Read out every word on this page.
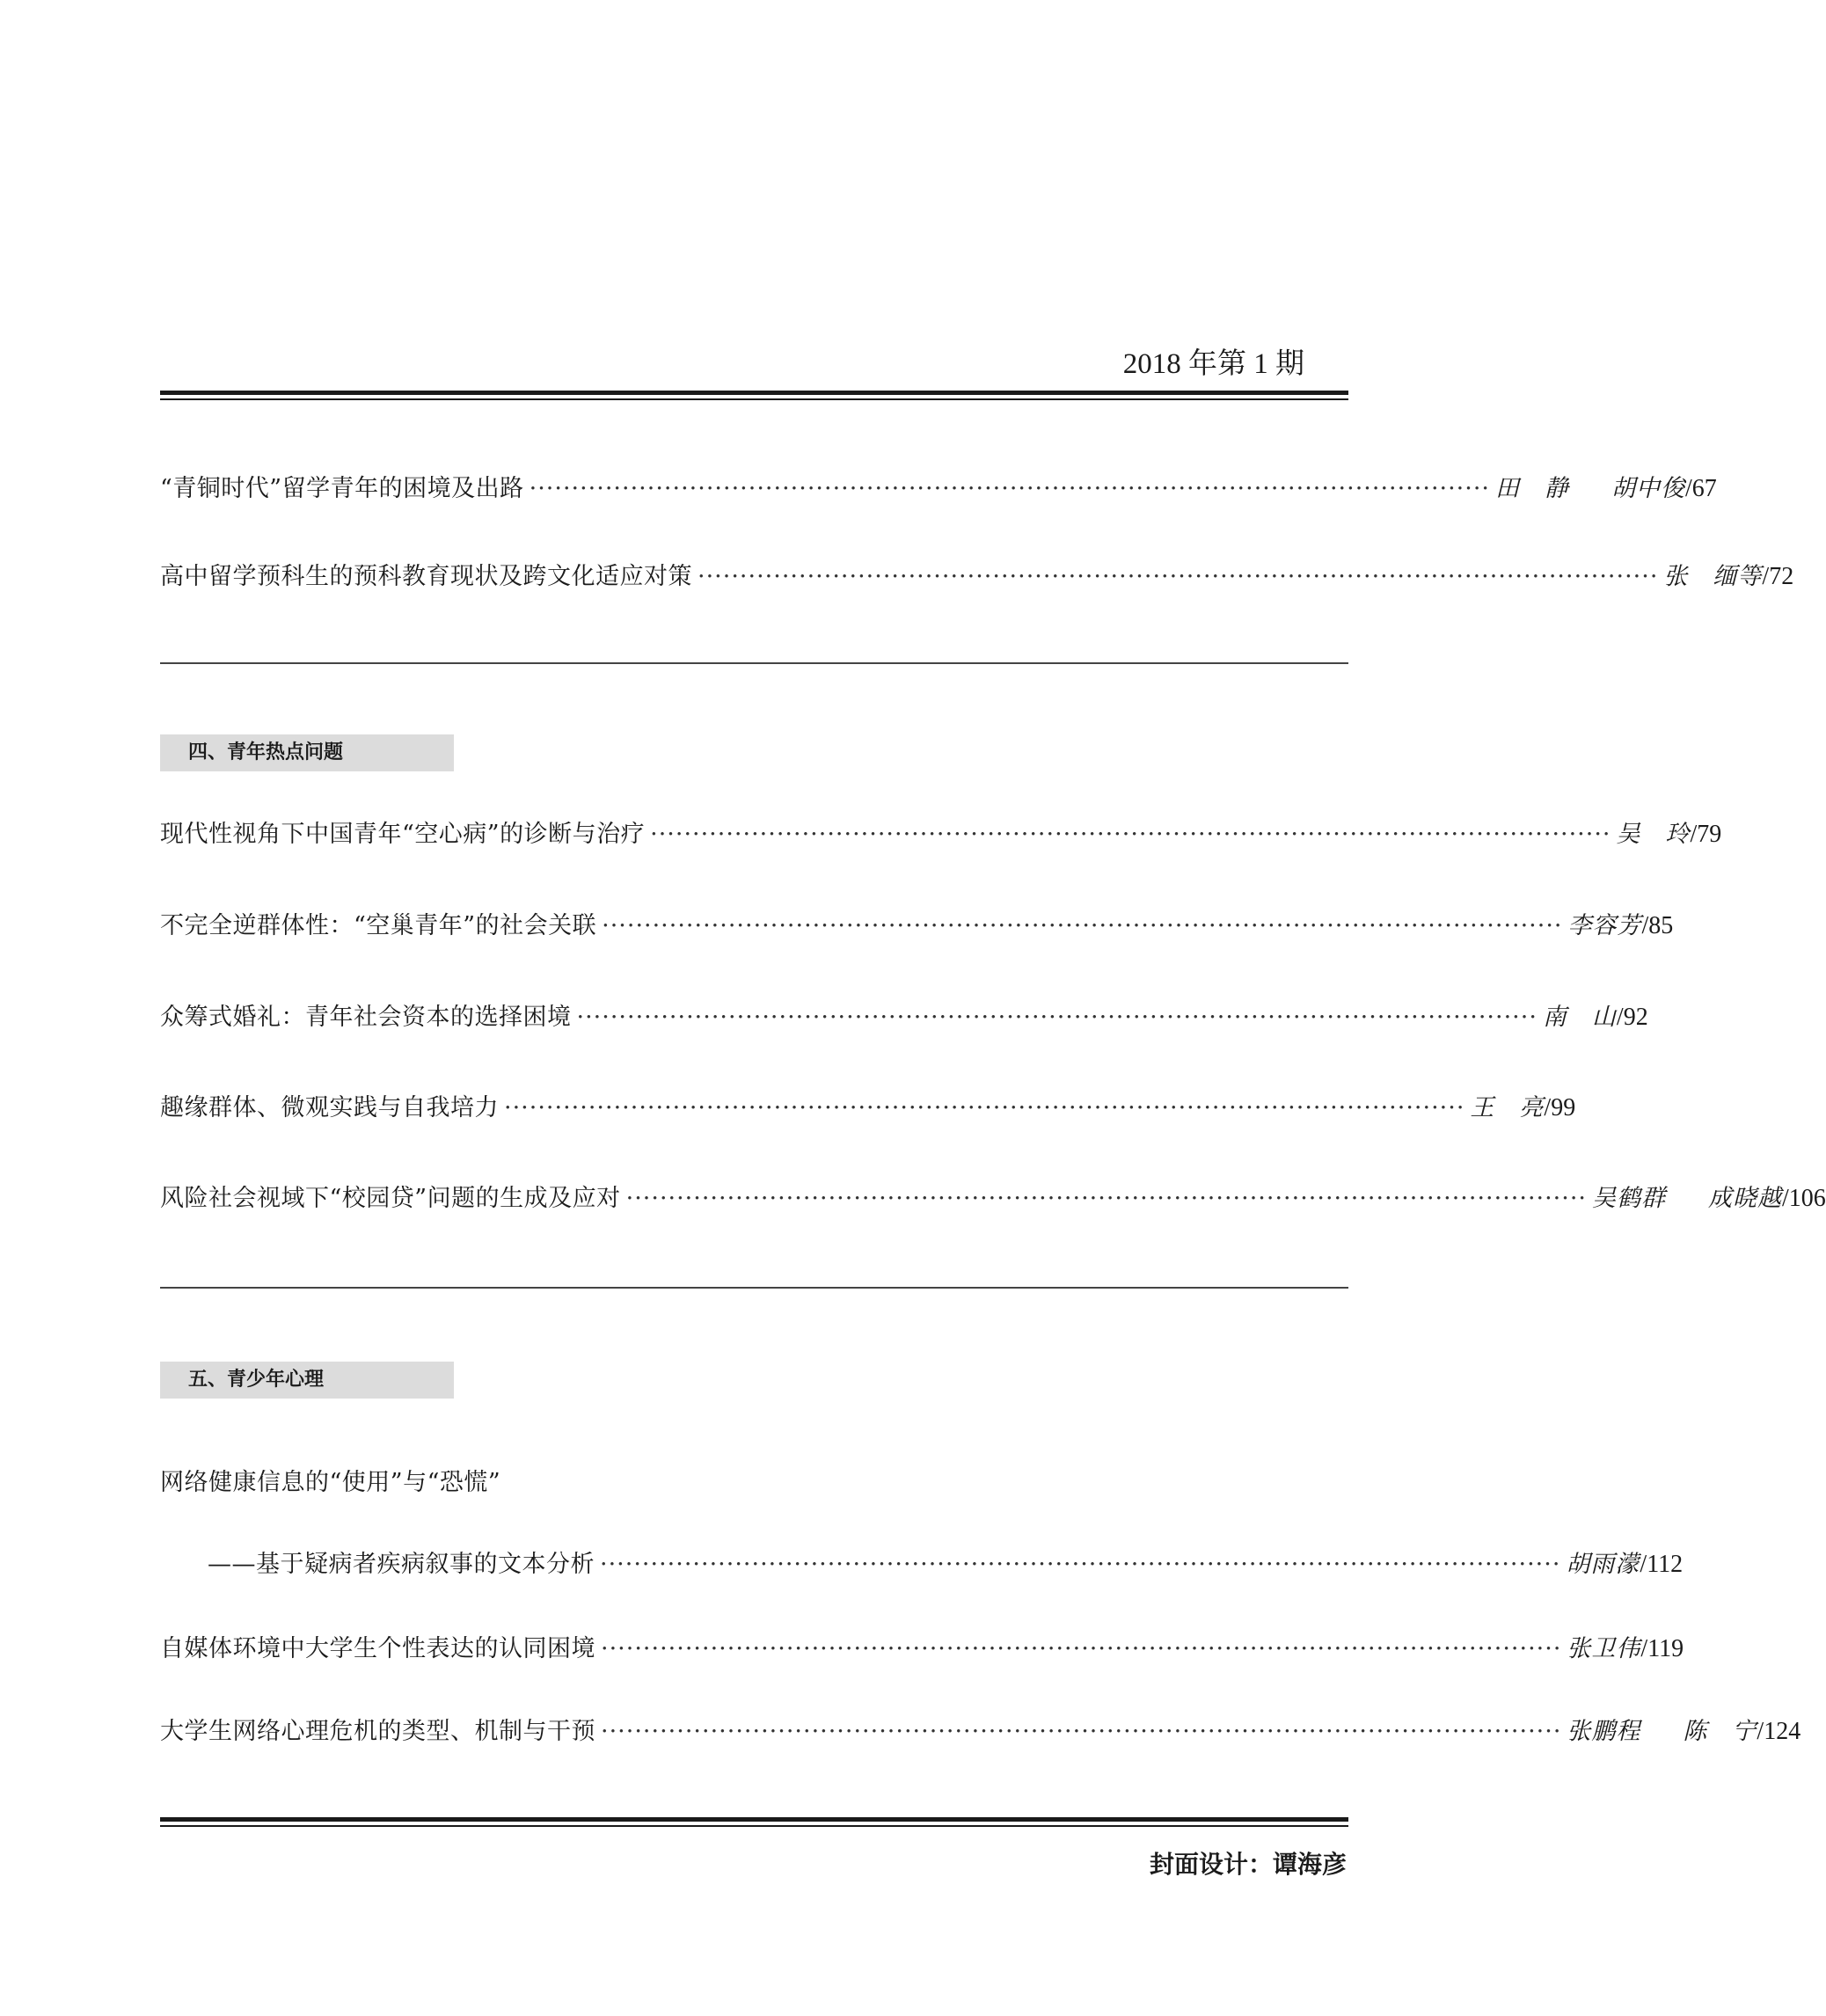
2018 年第 1 期
“青铜时代”留学青年的困境及出路 ·················································································································· 田　静 胡中俊 /67
高中留学预科生的预科教育现状及跨文化适应对策 ·················································································································· 张　缅等 /72
四、青年热点问题
现代性视角下中国青年“空心病”的诊断与治疗 ·················································································································· 吴　玲 /79
不完全逆群体性：“空巢青年”的社会关联 ·················································································································· 李容芳 /85
众筹式婚礼：青年社会资本的选择困境 ·················································································································· 南　山 /92
趣缘群体、微观实践与自我培力 ·················································································································· 王　亮 /99
风险社会视域下“校园贷”问题的生成及应对 ·················································································································· 吴鹤群 成晓越 /106
五、青少年心理
网络健康信息的“使用”与“恐慌”
——基于疑病者疾病叙事的文本分析 ·················································································································· 胡雨濛 /112
自媒体环境中大学生个性表达的认同困境 ·················································································································· 张卫伟 /119
大学生网络心理危机的类型、机制与干预 ·················································································································· 张鹏程 陈　宁 /124
封面设计：谭海彦
